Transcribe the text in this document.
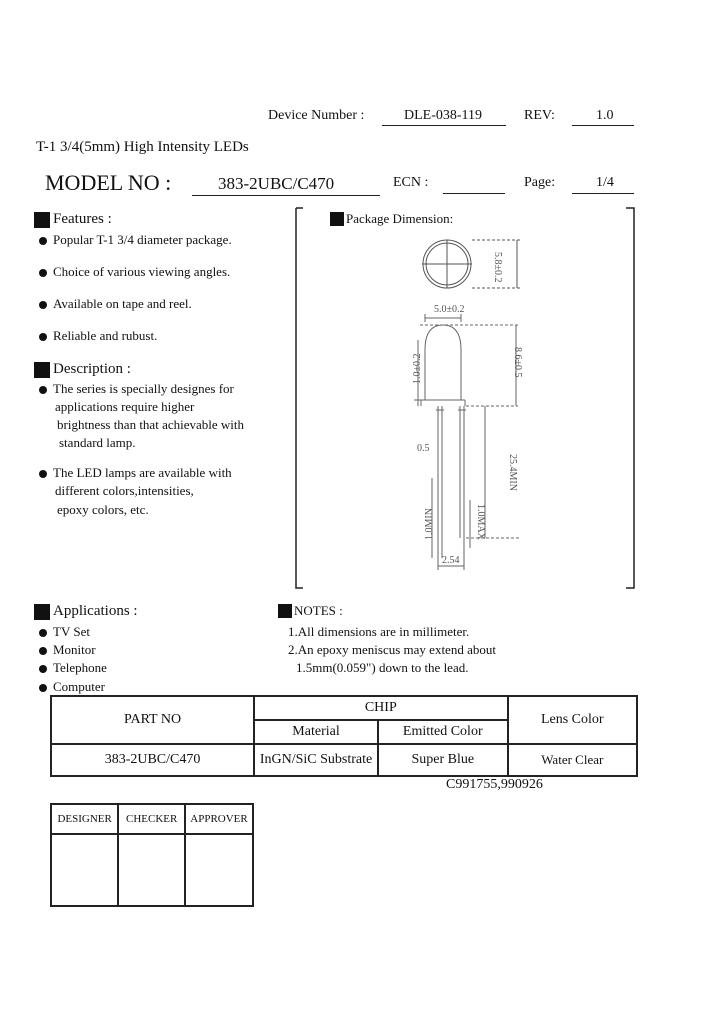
Device Number :	DLE-038-119	REV:	1.0
T-1 3/4(5mm) High Intensity LEDs
MODEL NO :	383-2UBC/C470	ECN :	Page:	1/4
Features :
Popular T-1 3/4 diameter package.
Choice of various viewing angles.
Available on tape and reel.
Reliable and rubust.
Description :
The series is specially designes for
applications require higher
brightness than that achievable with
standard lamp.
The LED lamps are available with
different colors,intensities,
epoxy colors, etc.
Package Dimension:
5.0±0.2
5.8±0.2
1.0±0.2	8.6±0.5
0.5
25.4MIN
1.0MIN	1.0MAX
2.54
Applications :
TV Set
Monitor
Telephone
Computer
NOTES :
1.All dimensions are in millimeter.
2.An epoxy meniscus may extend about
1.5mm(0.059") down to the lead.
PART NO	CHIP		Lens Color
	Material	Emitted Color	
383-2UBC/C470	InGN/SiC Substrate	Super Blue	Water Clear
C991755,990926
DESIGNER	CHECKER	APPROVER
